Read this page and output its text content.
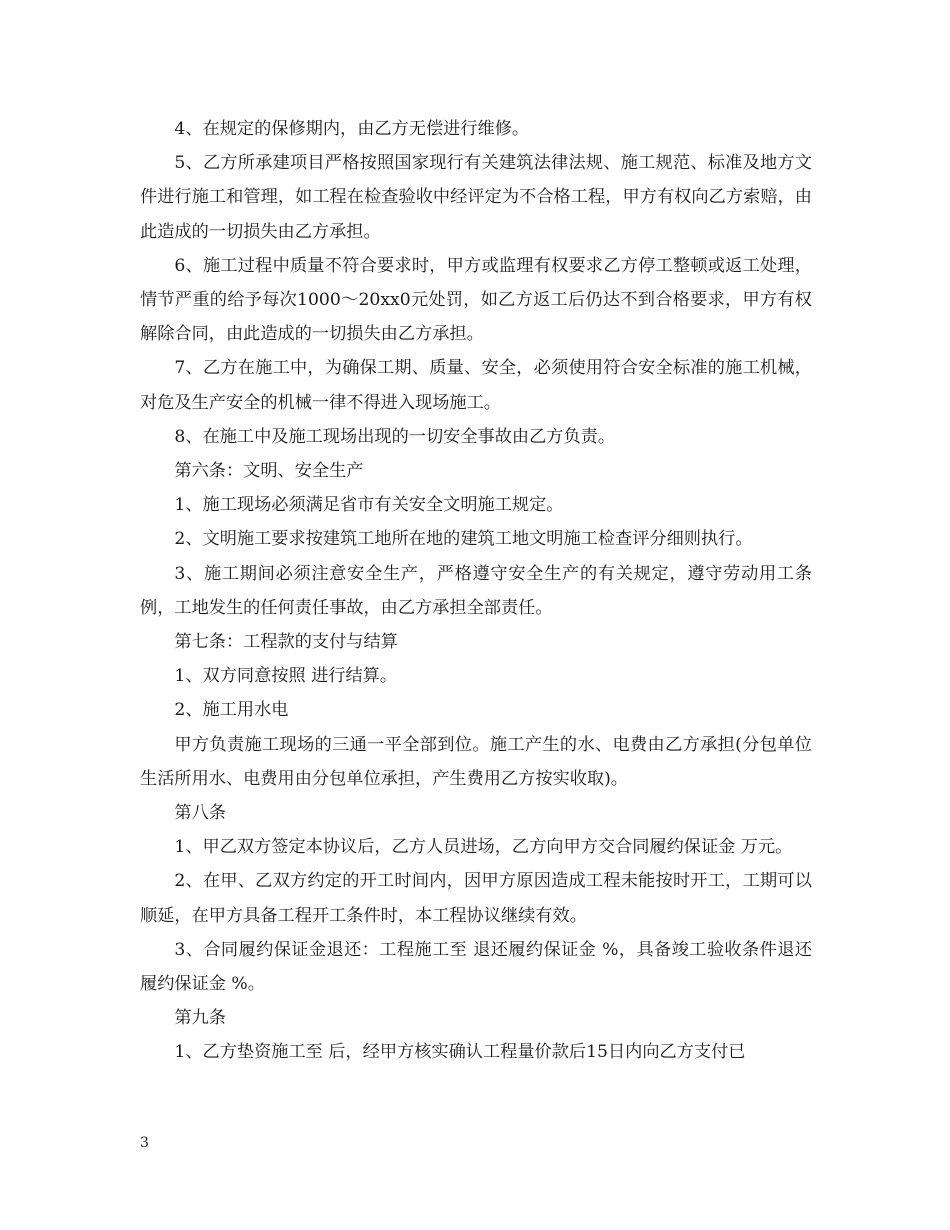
4、在规定的保修期内，由乙方无偿进行维修。

5、乙方所承建项目严格按照国家现行有关建筑法律法规、施工规范、标准及地方文件进行施工和管理，如工程在检查验收中经评定为不合格工程，甲方有权向乙方索赔，由此造成的一切损失由乙方承担。

6、施工过程中质量不符合要求时，甲方或监理有权要求乙方停工整顿或返工处理，情节严重的给予每次1000～20xx0元处罚，如乙方返工后仍达不到合格要求，甲方有权解除合同，由此造成的一切损失由乙方承担。

7、乙方在施工中，为确保工期、质量、安全，必须使用符合安全标准的施工机械，对危及生产安全的机械一律不得进入现场施工。

8、在施工中及施工现场出现的一切安全事故由乙方负责。

第六条：文明、安全生产

1、施工现场必须满足省市有关安全文明施工规定。

2、文明施工要求按建筑工地所在地的建筑工地文明施工检查评分细则执行。

3、施工期间必须注意安全生产，严格遵守安全生产的有关规定，遵守劳动用工条例，工地发生的任何责任事故，由乙方承担全部责任。

第七条：工程款的支付与结算

1、双方同意按照 进行结算。

2、施工用水电

甲方负责施工现场的三通一平全部到位。施工产生的水、电费由乙方承担(分包单位生活所用水、电费用由分包单位承担，产生费用乙方按实收取)。

第八条

1、甲乙双方签定本协议后，乙方人员进场，乙方向甲方交合同履约保证金 万元。

2、在甲、乙双方约定的开工时间内，因甲方原因造成工程未能按时开工，工期可以顺延，在甲方具备工程开工条件时，本工程协议继续有效。

3、合同履约保证金退还：工程施工至 退还履约保证金 %，具备竣工验收条件退还履约保证金 %。

第九条

1、乙方垫资施工至 后，经甲方核实确认工程量价款后15日内向乙方支付已

3
